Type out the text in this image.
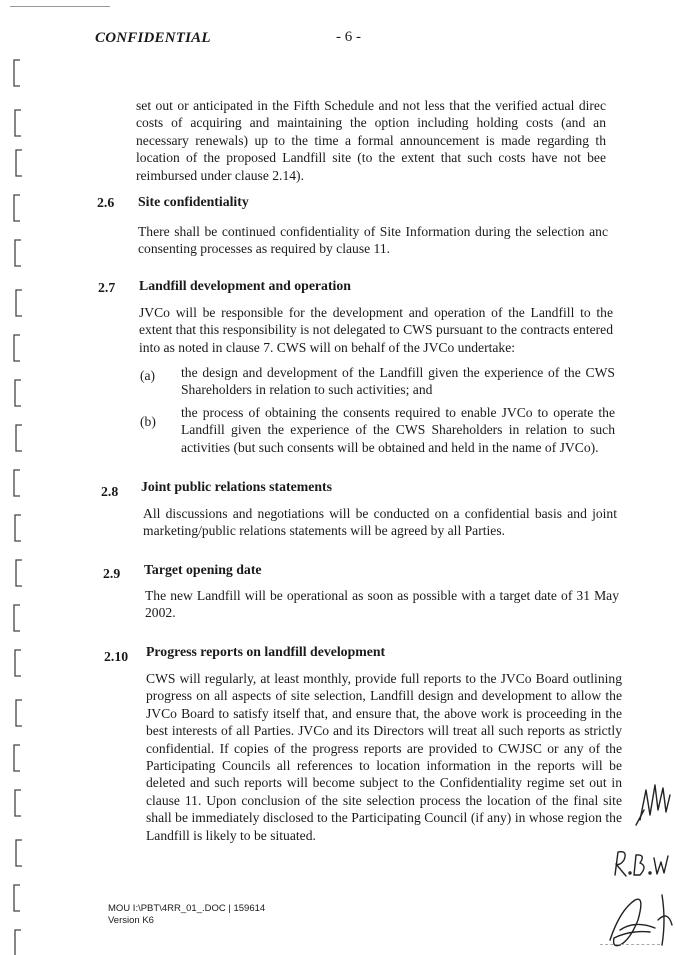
CONFIDENTIAL	- 6 -
set out or anticipated in the Fifth Schedule and not less that the verified actual direc costs of acquiring and maintaining the option including holding costs (and an necessary renewals) up to the time a formal announcement is made regarding th location of the proposed Landfill site (to the extent that such costs have not bee reimbursed under clause 2.14).
2.6 Site confidentiality
There shall be continued confidentiality of Site Information during the selection anc consenting processes as required by clause 11.
2.7 Landfill development and operation
JVCo will be responsible for the development and operation of the Landfill to the extent that this responsibility is not delegated to CWS pursuant to the contracts entered into as noted in clause 7. CWS will on behalf of the JVCo undertake:
(a) the design and development of the Landfill given the experience of the CWS Shareholders in relation to such activities; and
(b)
the process of obtaining the consents required to enable JVCo to operate the Landfill given the experience of the CWS Shareholders in relation to such activities (but such consents will be obtained and held in the name of JVCo).
2.8 Joint public relations statements
All discussions and negotiations will be conducted on a confidential basis and joint marketing/public relations statements will be agreed by all Parties.
2.9 Target opening date
The new Landfill will be operational as soon as possible with a target date of 31 May 2002.
2.10 Progress reports on landfill development
CWS will regularly, at least monthly, provide full reports to the JVCo Board outlining progress on all aspects of site selection, Landfill design and development to allow the JVCo Board to satisfy itself that, and ensure that, the above work is proceeding in the best interests of all Parties. JVCo and its Directors will treat all such reports as strictly confidential. If copies of the progress reports are provided to CWJSC or any of the Participating Councils all references to location information in the reports will be deleted and such reports will become subject to the Confidentiality regime set out in clause 11. Upon conclusion of the site selection process the location of the final site shall be immediately disclosed to the Participating Council (if any) in whose region the Landfill is likely to be situated.
MOU I:\PBT\4RR_01_.DOC | 159614
Version K6
